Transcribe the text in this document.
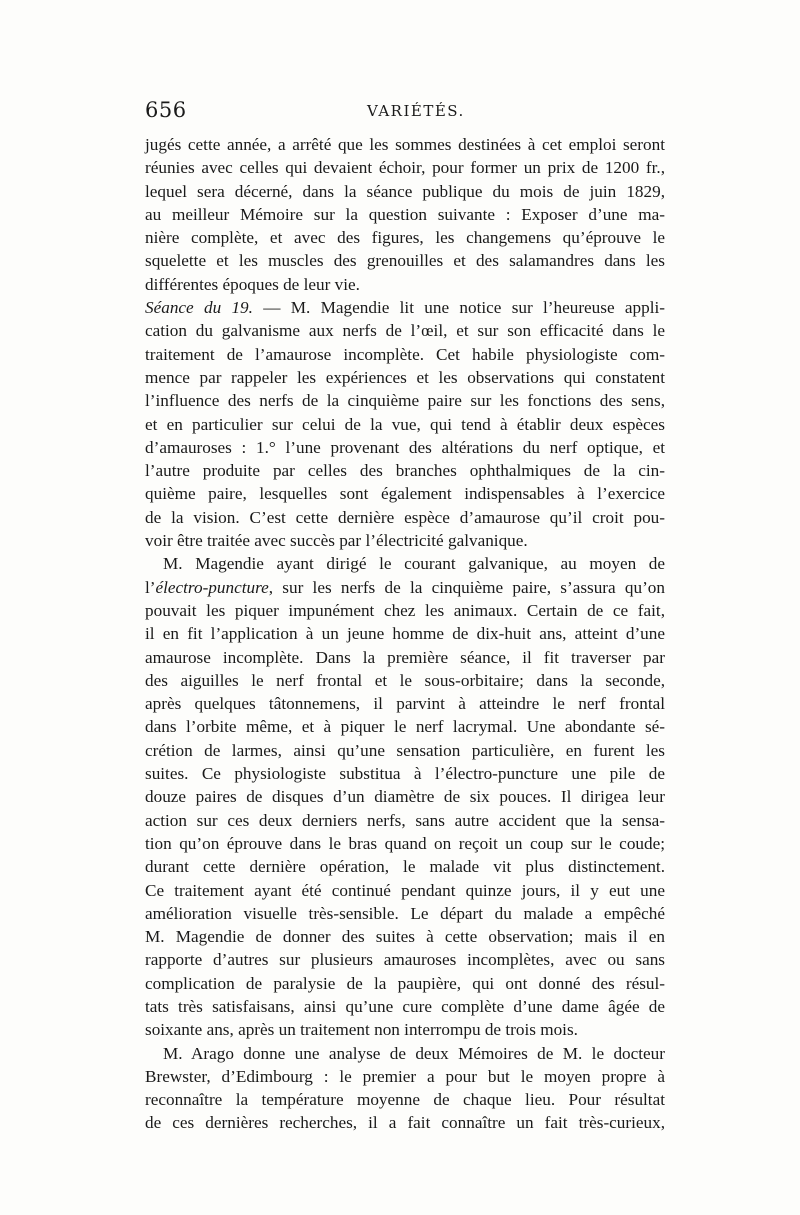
656	VARIÉTÉS.
jugés cette année, a arrêté que les sommes destinées à cet emploi seront
réunies avec celles qui devaient échoir, pour former un prix de 1200 fr.,
lequel sera décerné, dans la séance publique du mois de juin 1829,
au meilleur Mémoire sur la question suivante : Exposer d’une ma-
nière complète, et avec des figures, les changemens qu’éprouve le
squelette et les muscles des grenouilles et des salamandres dans les
différentes époques de leur vie.
Séance du 19. — M. Magendie lit une notice sur l’heureuse appli-
cation du galvanisme aux nerfs de l’œil, et sur son efficacité dans le
traitement de l’amaurose incomplète. Cet habile physiologiste com-
mence par rappeler les expériences et les observations qui constatent
l’influence des nerfs de la cinquième paire sur les fonctions des sens,
et en particulier sur celui de la vue, qui tend à établir deux espèces
d’amauroses : 1.° l’une provenant des altérations du nerf optique, et
l’autre produite par celles des branches ophthalmiques de la cin-
quième paire, lesquelles sont également indispensables à l’exercice
de la vision. C’est cette dernière espèce d’amaurose qu’il croit pou-
voir être traitée avec succès par l’électricité galvanique.
M. Magendie ayant dirigé le courant galvanique, au moyen de
l’électro-puncture, sur les nerfs de la cinquième paire, s’assura qu’on
pouvait les piquer impunément chez les animaux. Certain de ce fait,
il en fit l’application à un jeune homme de dix-huit ans, atteint d’une
amaurose incomplète. Dans la première séance, il fit traverser par
des aiguilles le nerf frontal et le sous-orbitaire; dans la seconde,
après quelques tâtonnemens, il parvint à atteindre le nerf frontal
dans l’orbite même, et à piquer le nerf lacrymal. Une abondante sé-
crétion de larmes, ainsi qu’une sensation particulière, en furent les
suites. Ce physiologiste substitua à l’électro-puncture une pile de
douze paires de disques d’un diamètre de six pouces. Il dirigea leur
action sur ces deux derniers nerfs, sans autre accident que la sensa-
tion qu’on éprouve dans le bras quand on reçoit un coup sur le coude;
durant cette dernière opération, le malade vit plus distinctement.
Ce traitement ayant été continué pendant quinze jours, il y eut une
amélioration visuelle très-sensible. Le départ du malade a empêché
M. Magendie de donner des suites à cette observation; mais il en
rapporte d’autres sur plusieurs amauroses incomplètes, avec ou sans
complication de paralysie de la paupière, qui ont donné des résul-
tats très satisfaisans, ainsi qu’une cure complète d’une dame âgée de
soixante ans, après un traitement non interrompu de trois mois.
M. Arago donne une analyse de deux Mémoires de M. le docteur
Brewster, d’Edimbourg : le premier a pour but le moyen propre à
reconnaître la température moyenne de chaque lieu. Pour résultat
de ces dernières recherches, il a fait connaître un fait très-curieux,
